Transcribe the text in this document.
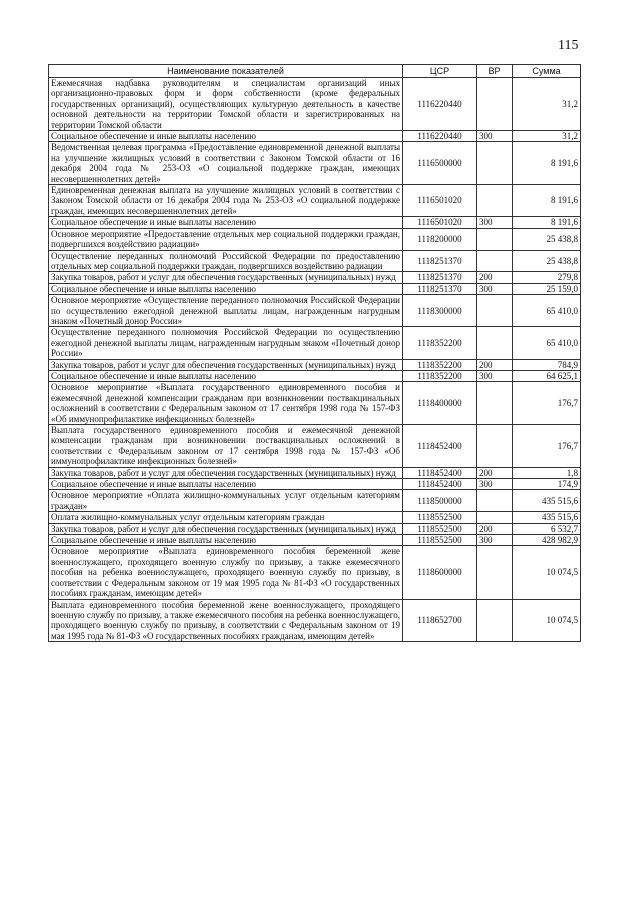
115
Наименование показателей	ЦСР	ВР	Сумма
Ежемесячная надбавка руководителям и специалистам организаций иных организационно-правовых форм и форм собственности (кроме федеральных государственных организаций), осуществляющих культурную деятельность в качестве основной деятельности на территории Томской области и зарегистрированных на территории Томской области	1116220440		31,2
Социальное обеспечение и иные выплаты населению	1116220440	300	31,2
Ведомственная целевая программа «Предоставление единовременной денежной выплаты на улучшение жилищных условий в соответствии с Законом Томской области от 16 декабря 2004 года № 253-ОЗ «О социальной поддержке граждан, имеющих несовершеннолетних детей»	1116500000		8 191,6
Единовременная денежная выплата на улучшение жилищных условий в соответствии с Законом Томской области от 16 декабря 2004 года № 253-ОЗ «О социальной поддержке граждан, имеющих несовершеннолетних детей»	1116501020		8 191,6
Социальное обеспечение и иные выплаты населению	1116501020	300	8 191,6
Основное мероприятие «Предоставление отдельных мер социальной поддержки граждан, подвергшихся воздействию радиации»	1118200000		25 438,8
Осуществление переданных полномочий Российской Федерации по предоставлению отдельных мер социальной поддержки граждан, подвергшихся воздействию радиации	1118251370		25 438,8
Закупка товаров, работ и услуг для обеспечения государственных (муниципальных) нужд	1118251370	200	279,8
Социальное обеспечение и иные выплаты населению	1118251370	300	25 159,0
Основное мероприятие «Осуществление переданного полномочия Российской Федерации по осуществлению ежегодной денежной выплаты лицам, награжденным нагрудным знаком «Почетный донор России»	1118300000		65 410,0
Осуществление переданного полномочия Российской Федерации по осуществлению ежегодной денежной выплаты лицам, награжденным нагрудным знаком «Почетный донор России»	1118352200		65 410,0
Закупка товаров, работ и услуг для обеспечения государственных (муниципальных) нужд	1118352200	200	784,9
Социальное обеспечение и иные выплаты населению	1118352200	300	64 625,1
Основное мероприятие «Выплата государственного единовременного пособия и ежемесячной денежной компенсации гражданам при возникновении поствакцинальных осложнений в соответствии с Федеральным законом от 17 сентября 1998 года № 157-ФЗ «Об иммунопрофилактике инфекционных болезней»	1118400000		176,7
Выплата государственного единовременного пособия и ежемесячной денежной компенсации гражданам при возникновении поствакцинальных осложнений в соответствии с Федеральным законом от 17 сентября 1998 года № 157-ФЗ «Об иммунопрофилактике инфекционных болезней»	1118452400		176,7
Закупка товаров, работ и услуг для обеспечения государственных (муниципальных) нужд	1118452400	200	1,8
Социальное обеспечение и иные выплаты населению	1118452400	300	174,9
Основное мероприятие «Оплата жилищно-коммунальных услуг отдельным категориям граждан»	1118500000		435 515,6
Оплата жилищно-коммунальных услуг отдельным категориям граждан	1118552500		435 515,6
Закупка товаров, работ и услуг для обеспечения государственных (муниципальных) нужд	1118552500	200	6 532,7
Социальное обеспечение и иные выплаты населению	1118552500	300	428 982,9
Основное мероприятие «Выплата единовременного пособия беременной жене военнослужащего, проходящего военную службу по призыву, а также ежемесячного пособия на ребенка военнослужащего, проходящего военную службу по призыву, в соответствии с Федеральным законом от 19 мая 1995 года № 81-ФЗ «О государственных пособиях гражданам, имеющим детей»	1118600000		10 074,5
Выплата единовременного пособия беременной жене военнослужащего, проходящего военную службу по призыву, а также ежемесячного пособия на ребенка военнослужащего, проходящего военную службу по призыву, в соответствии с Федеральным законом от 19 мая 1995 года № 81-ФЗ «О государственных пособиях гражданам, имеющим детей»	1118652700		10 074,5
